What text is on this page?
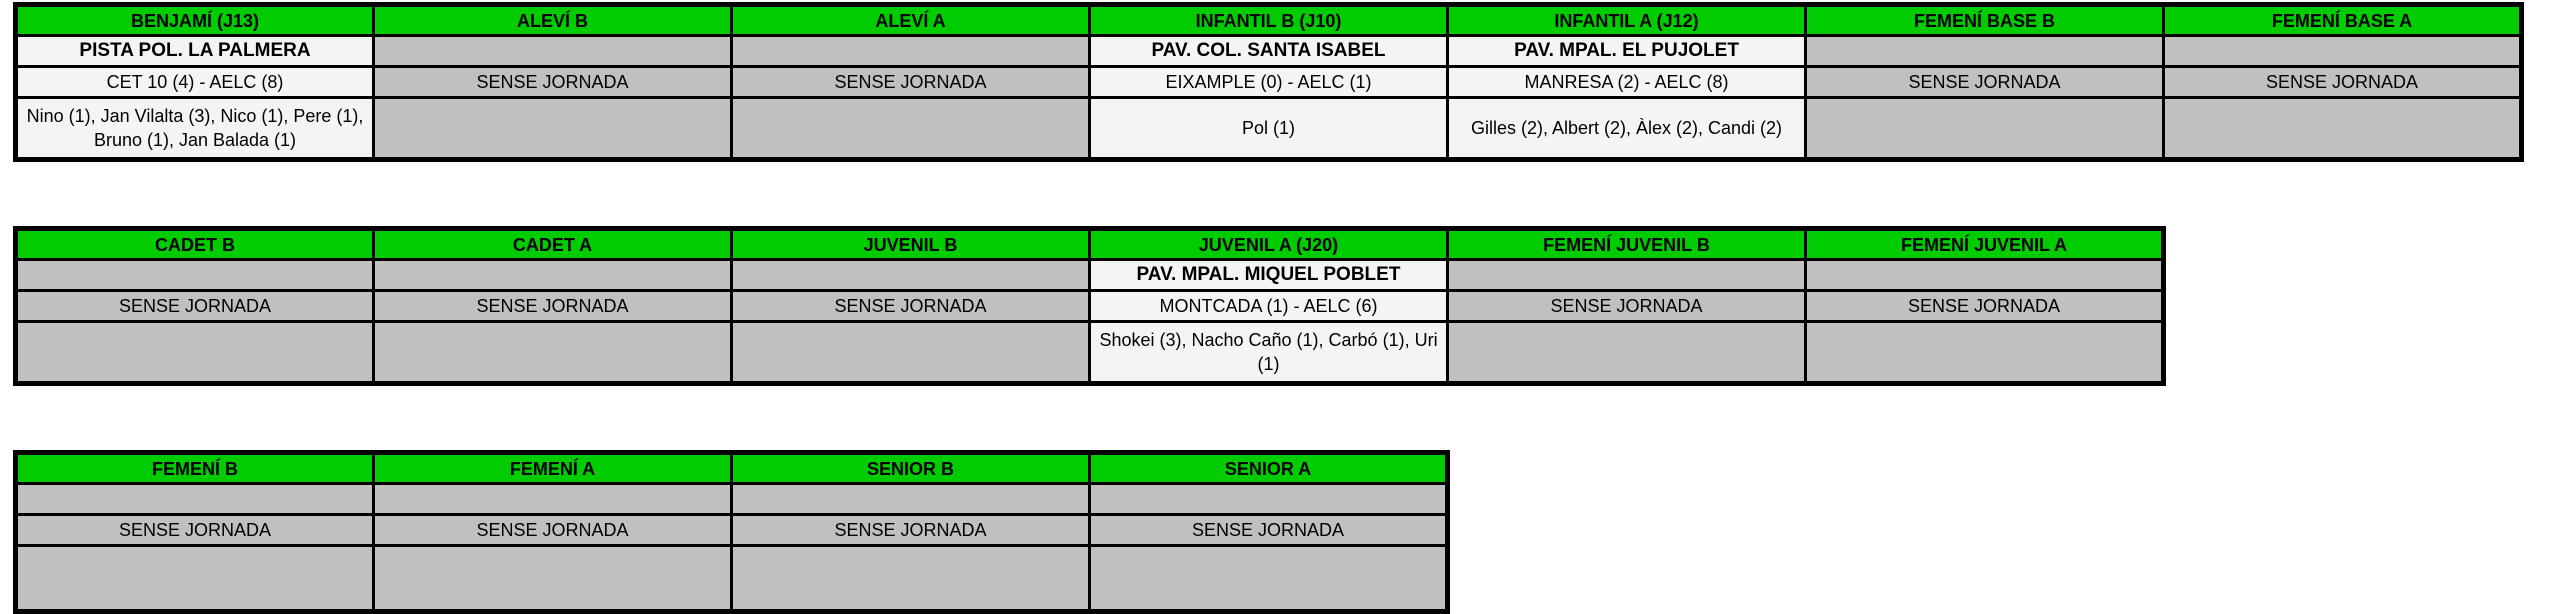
BENJAMÍ (J13)	ALEVÍ B	ALEVÍ A	INFANTIL B (J10)	INFANTIL A (J12)	FEMENÍ BASE B	FEMENÍ BASE A
PISTA POL. LA PALMERA			PAV. COL. SANTA ISABEL	PAV. MPAL. EL PUJOLET		
CET 10 (4) - AELC (8)	SENSE JORNADA	SENSE JORNADA	EIXAMPLE (0) - AELC (1)	MANRESA (2) - AELC (8)	SENSE JORNADA	SENSE JORNADA
Nino (1), Jan Vilalta (3), Nico (1), Pere (1), Bruno (1), Jan Balada (1)			Pol (1)	Gilles (2), Albert (2), Àlex (2), Candi (2)		
CADET B	CADET A	JUVENIL B	JUVENIL A (J20)	FEMENÍ JUVENIL B	FEMENÍ JUVENIL A
			PAV. MPAL. MIQUEL POBLET		
SENSE JORNADA	SENSE JORNADA	SENSE JORNADA	MONTCADA (1) - AELC (6)	SENSE JORNADA	SENSE JORNADA
			Shokei (3), Nacho Caño (1), Carbó (1), Uri (1)		
FEMENÍ B	FEMENÍ A	SENIOR B	SENIOR A

SENSE JORNADA	SENSE JORNADA	SENSE JORNADA	SENSE JORNADA
